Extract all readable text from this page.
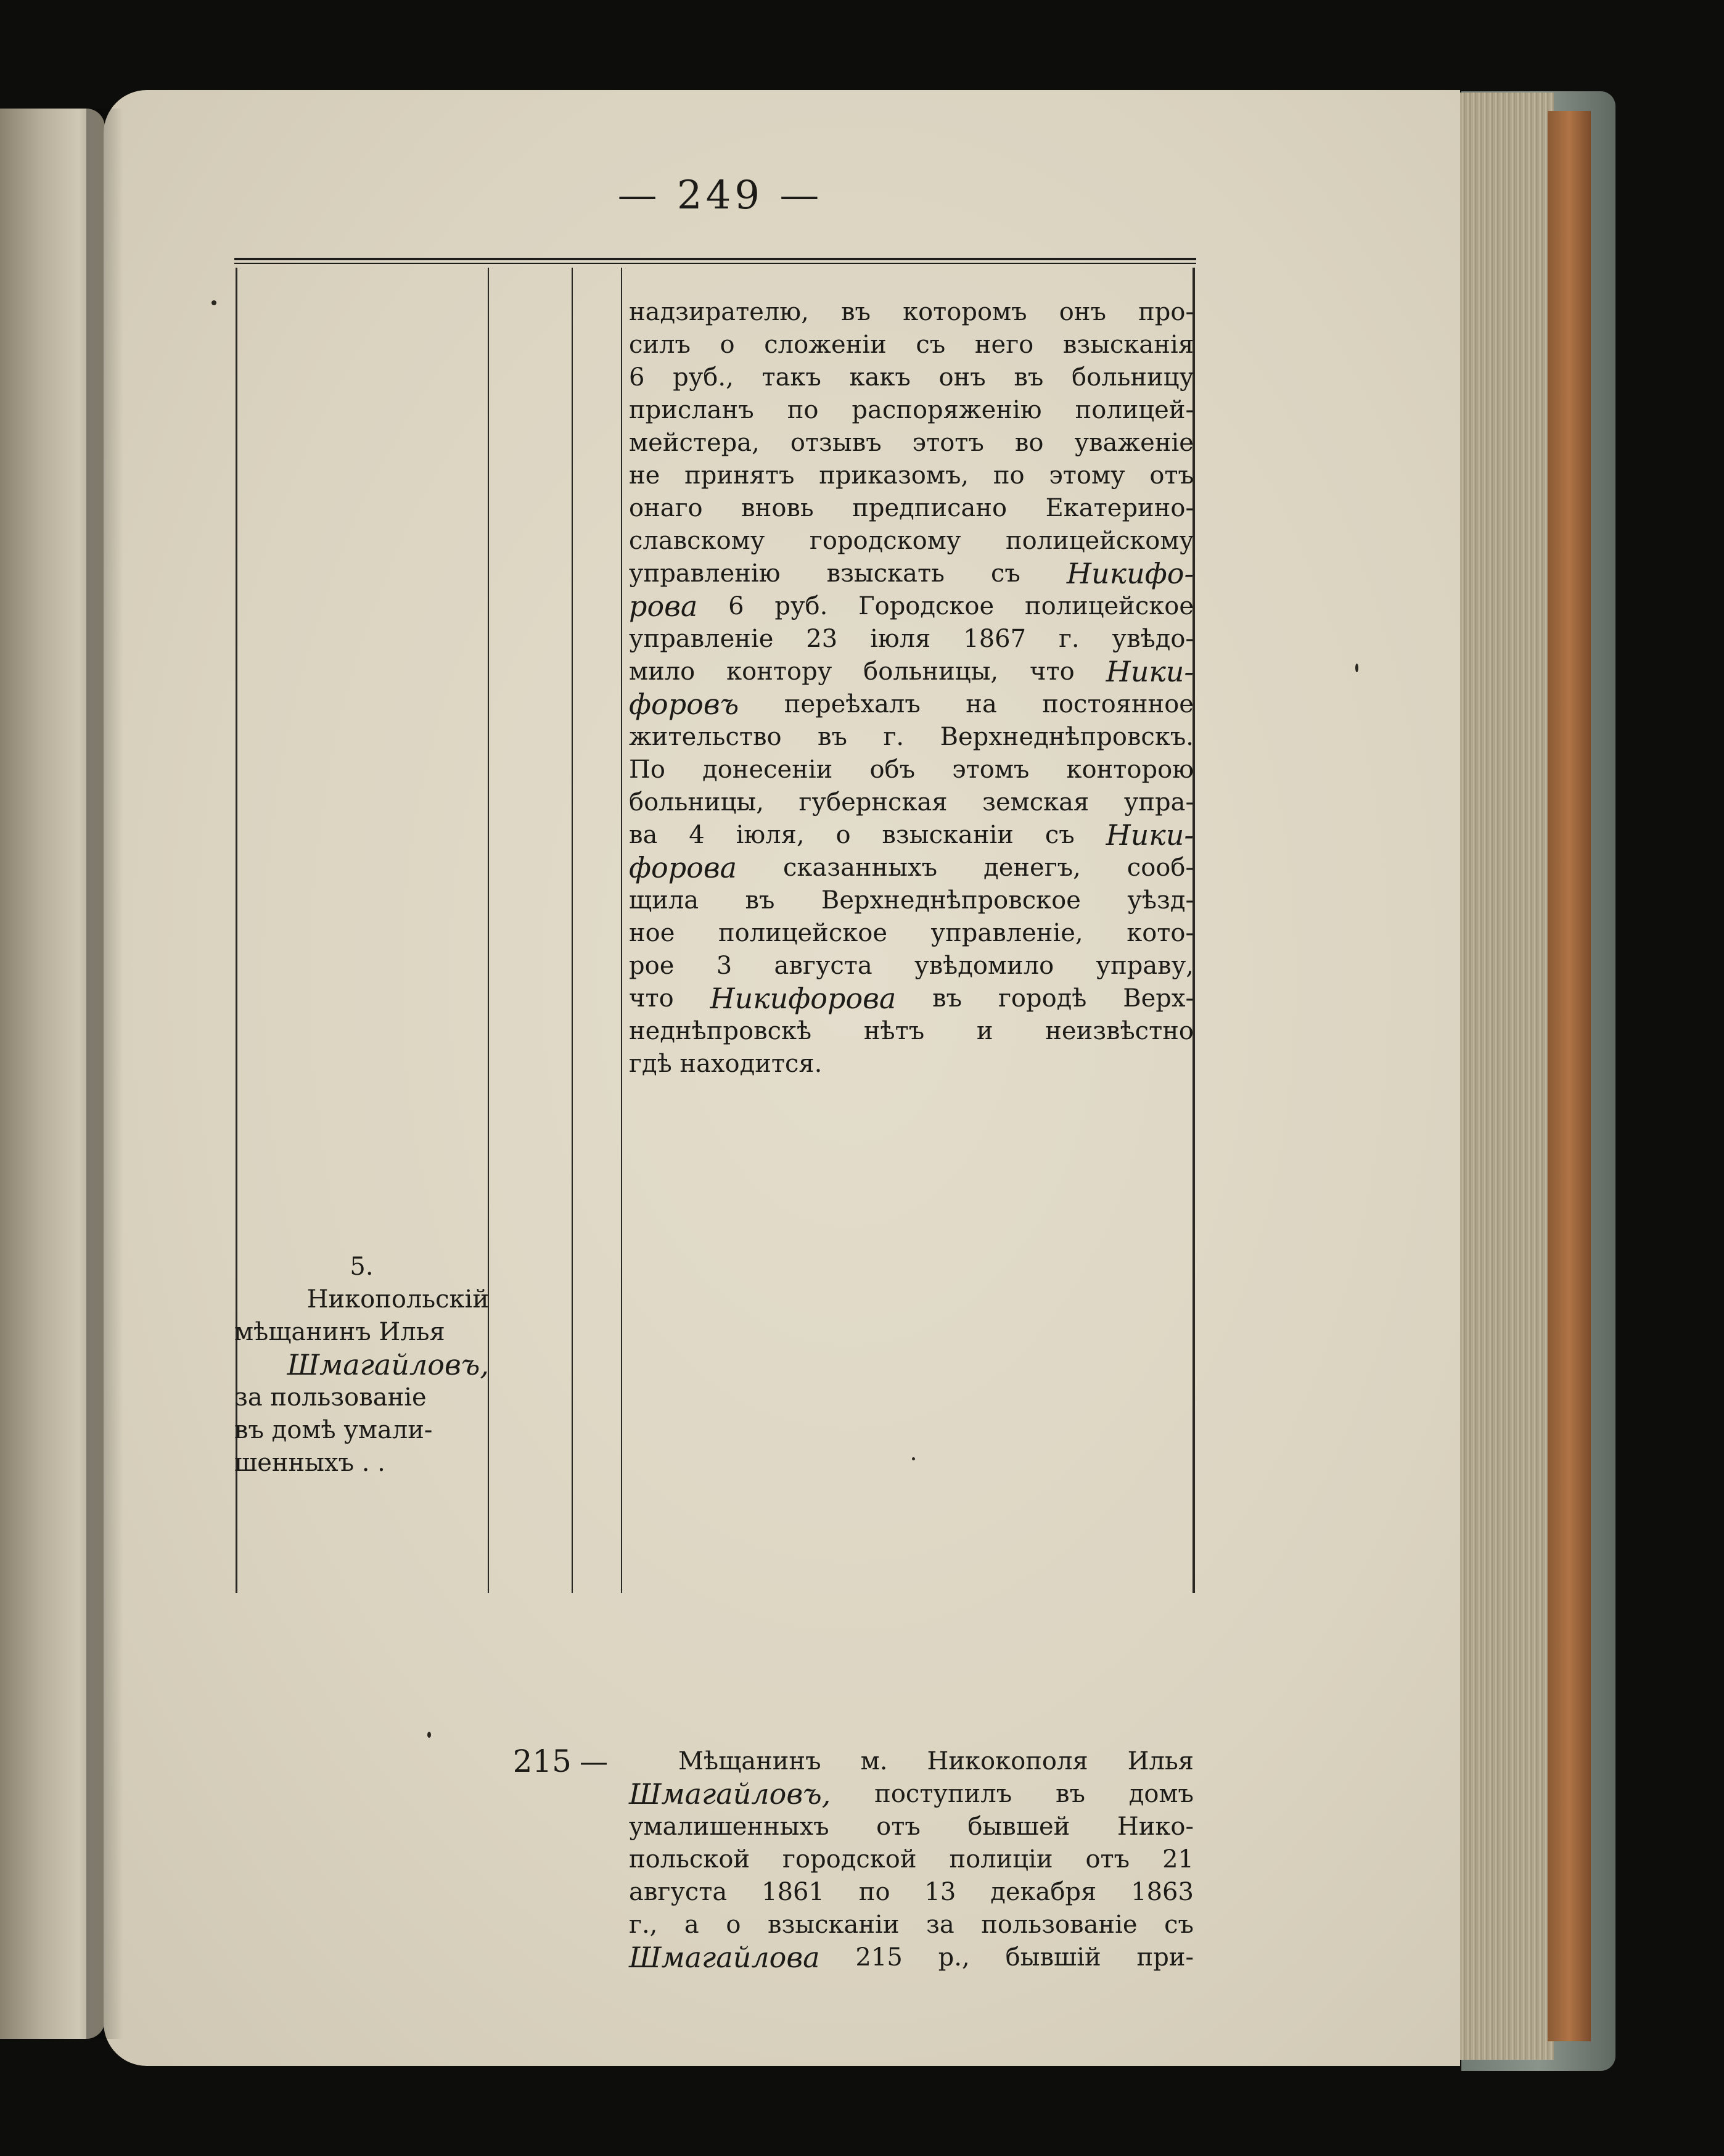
— 249 —
5.
Никопольскій
мѣщанинъ Илья
Шмагайловъ,
за пользованіе
въ домѣ умали-
шенныхъ . .
215 —
надзирателю, въ которомъ онъ про-
силъ о сложеніи съ него взысканія
6 руб., такъ какъ онъ въ больницу
присланъ по распоряженію полицей-
мейстера, отзывъ этотъ во уваженіе
не принятъ приказомъ, по этому отъ
онаго вновь предписано Екатерино-
славскому городскому полицейскому
управленію взыскать съ Никифо-
рова 6 руб. Городское полицейское
управленіе 23 іюля 1867 г. увѣдо-
мило контору больницы, что Ники-
форовъ переѣхалъ на постоянное
жительство въ г. Верхнеднѣпровскъ.
По донесеніи объ этомъ конторою
больницы, губернская земская упра-
ва 4 іюля, о взысканіи съ Ники-
форова сказанныхъ денегъ, сооб-
щила въ Верхнеднѣпровское уѣзд-
ное полицейское управленіе, кото-
рое 3 августа увѣдомило управу,
что Никифорова въ городѣ Верх-
неднѣпровскѣ нѣтъ и неизвѣстно
гдѣ находится.
Мѣщанинъ м. Никокополя Илья
Шмагайловъ, поступилъ въ домъ
умалишенныхъ отъ бывшей Нико-
польской городской полиціи отъ 21
августа 1861 по 13 декабря 1863
г., а о взысканіи за пользованіе съ
Шмагайлова 215 р., бывшій при-
